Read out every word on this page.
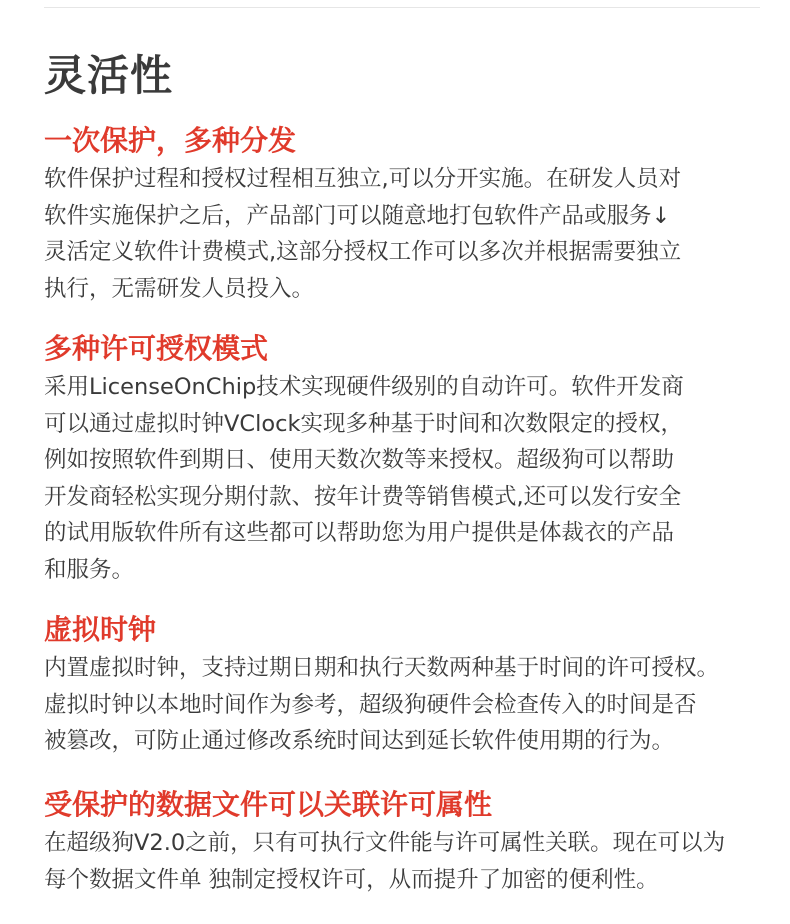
灵活性
一次保护，多种分发

软件保护过程和授权过程相互独立,可以分开实施。在研发人员对
软件实施保护之后，产品部门可以随意地打包软件产品或服务↓
灵活定义软件计费模式,这部分授权工作可以多次并根据需要独立
执行，无需研发人员投入。

多种许可授权模式

采用LicenseOnChip技术实现硬件级别的自动许可。软件开发商
可以通过虚拟时钟VClock实现多种基于时间和次数限定的授权，
例如按照软件到期日、使用天数次数等来授权。超级狗可以帮助
开发商轻松实现分期付款、按年计费等销售模式,还可以发行安全
的试用版软件所有这些都可以帮助您为用户提供是体裁衣的产品
和服务。

虚拟时钟

内置虚拟时钟，支持过期日期和执行天数两种基于时间的许可授权。
虚拟时钟以本地时间作为参考，超级狗硬件会检查传入的时间是否
被篡改，可防止通过修改系统时间达到延长软件使用期的行为。

受保护的数据文件可以关联许可属性

在超级狗V2.0之前，只有可执行文件能与许可属性关联。现在可以为
每个数据文件单 独制定授权许可，从而提升了加密的便利性。
